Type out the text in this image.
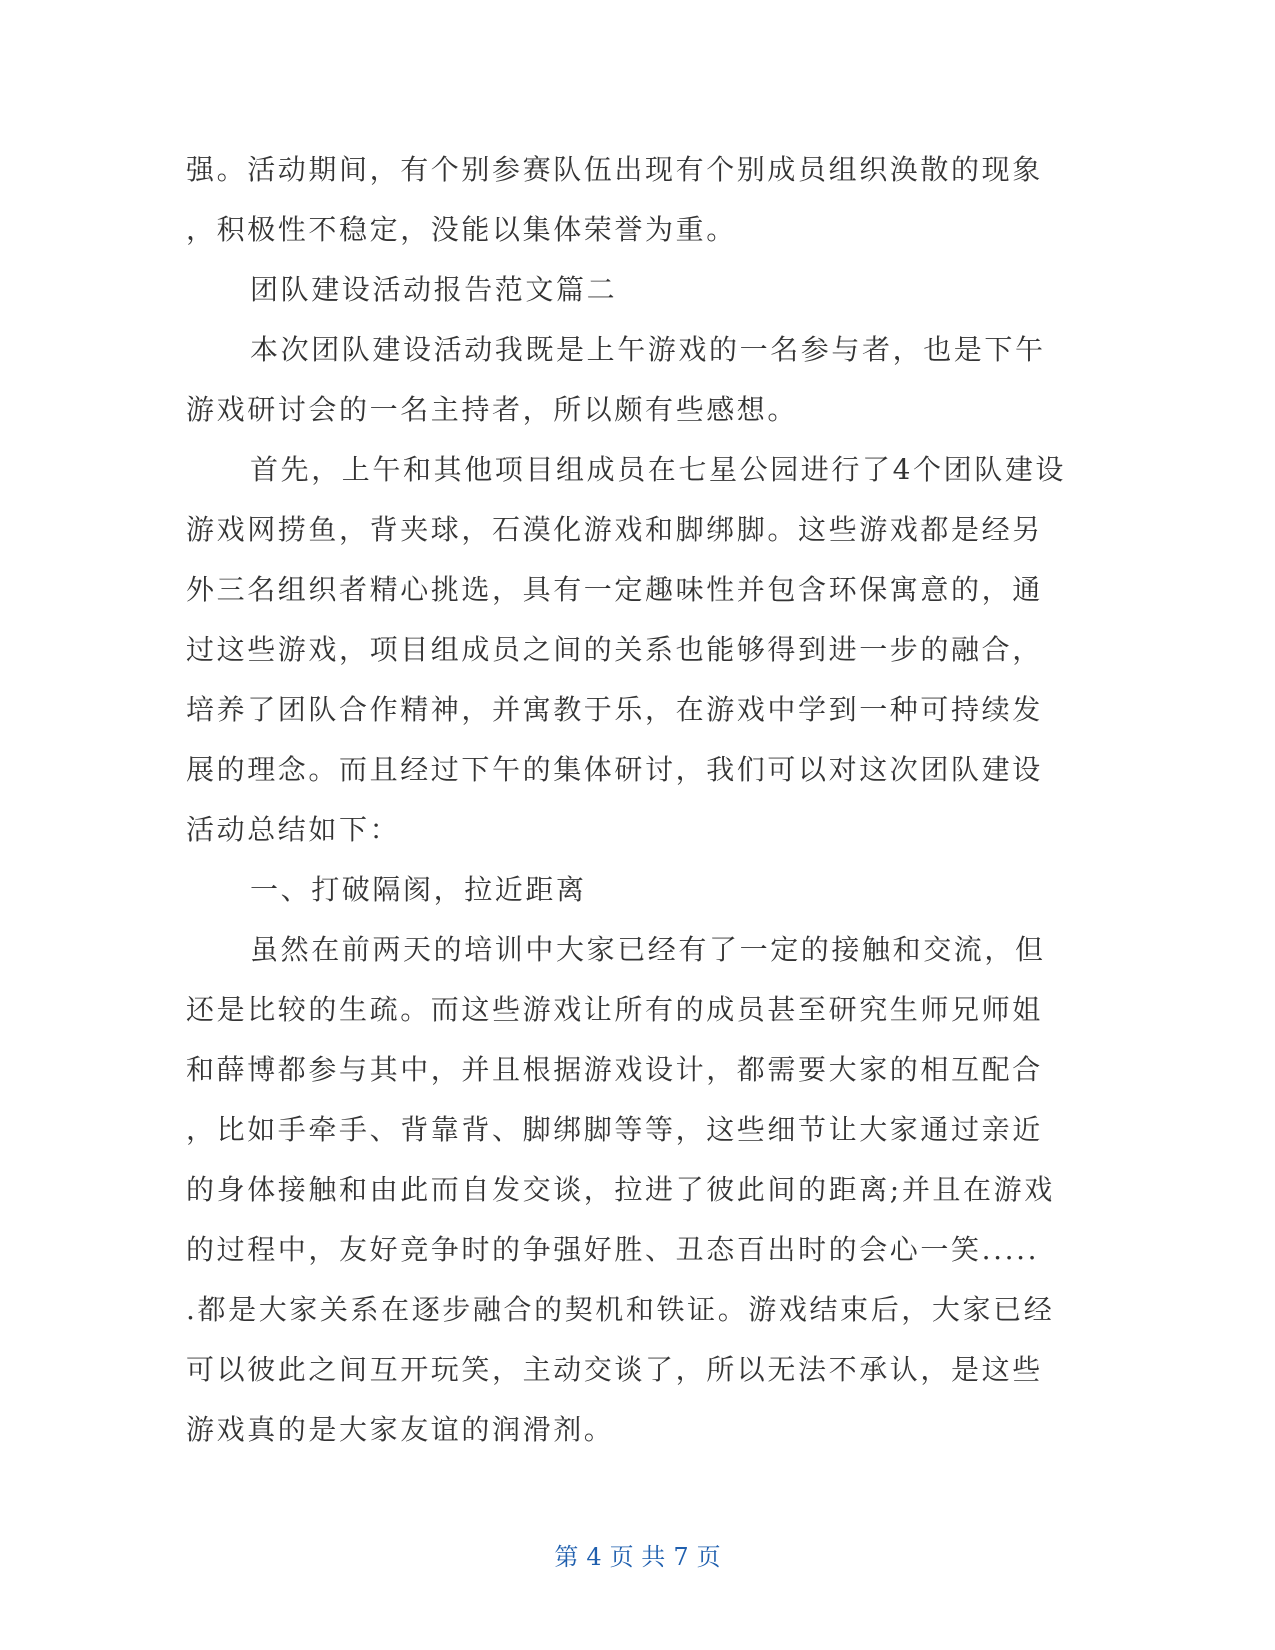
强。活动期间，有个别参赛队伍出现有个别成员组织涣散的现象
，积极性不稳定，没能以集体荣誉为重。
团队建设活动报告范文篇二
本次团队建设活动我既是上午游戏的一名参与者，也是下午
游戏研讨会的一名主持者，所以颇有些感想。
首先，上午和其他项目组成员在七星公园进行了4个团队建设
游戏网捞鱼，背夹球，石漠化游戏和脚绑脚。这些游戏都是经另
外三名组织者精心挑选，具有一定趣味性并包含环保寓意的，通
过这些游戏，项目组成员之间的关系也能够得到进一步的融合，
培养了团队合作精神，并寓教于乐，在游戏中学到一种可持续发
展的理念。而且经过下午的集体研讨，我们可以对这次团队建设
活动总结如下：
一、打破隔阂，拉近距离
虽然在前两天的培训中大家已经有了一定的接触和交流，但
还是比较的生疏。而这些游戏让所有的成员甚至研究生师兄师姐
和薛博都参与其中，并且根据游戏设计，都需要大家的相互配合
，比如手牵手、背靠背、脚绑脚等等，这些细节让大家通过亲近
的身体接触和由此而自发交谈，拉进了彼此间的距离;并且在游戏
的过程中，友好竞争时的争强好胜、丑态百出时的会心一笑.....
.都是大家关系在逐步融合的契机和铁证。游戏结束后，大家已经
可以彼此之间互开玩笑，主动交谈了，所以无法不承认，是这些
游戏真的是大家友谊的润滑剂。
第 4 页 共 7 页
